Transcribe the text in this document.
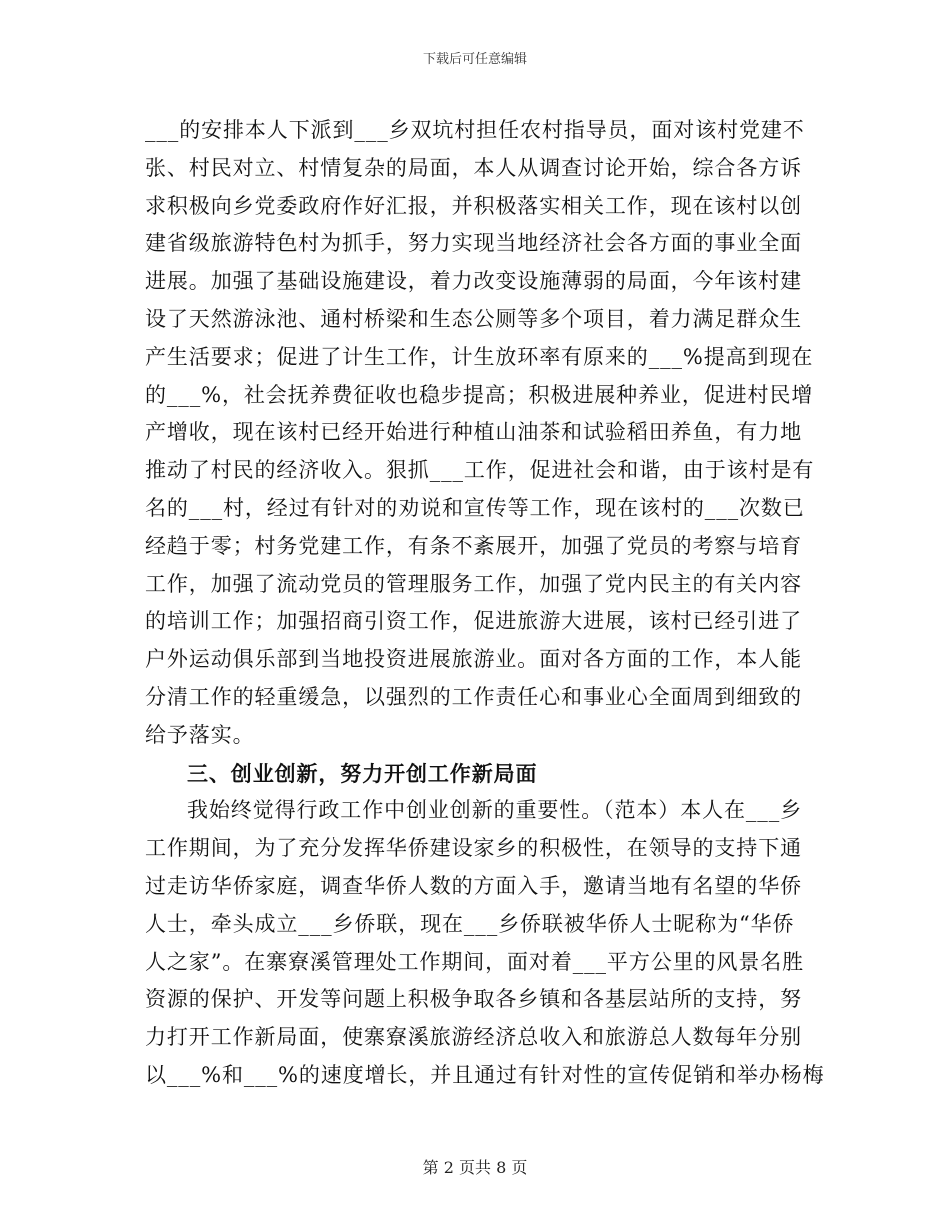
下载后可任意编辑
___的安排本人下派到___乡双坑村担任农村指导员，面对该村党建不
张、村民对立、村情复杂的局面，本人从调查讨论开始，综合各方诉
求积极向乡党委政府作好汇报，并积极落实相关工作，现在该村以创
建省级旅游特色村为抓手，努力实现当地经济社会各方面的事业全面
进展。加强了基础设施建设，着力改变设施薄弱的局面，今年该村建
设了天然游泳池、通村桥梁和生态公厕等多个项目，着力满足群众生
产生活要求；促进了计生工作，计生放环率有原来的___%提高到现在
的___%，社会抚养费征收也稳步提高；积极进展种养业，促进村民增
产增收，现在该村已经开始进行种植山油茶和试验稻田养鱼，有力地
推动了村民的经济收入。狠抓___工作，促进社会和谐，由于该村是有
名的___村，经过有针对的劝说和宣传等工作，现在该村的___次数已
经趋于零；村务党建工作，有条不紊展开，加强了党员的考察与培育
工作，加强了流动党员的管理服务工作，加强了党内民主的有关内容
的培训工作；加强招商引资工作，促进旅游大进展，该村已经引进了
户外运动俱乐部到当地投资进展旅游业。面对各方面的工作，本人能
分清工作的轻重缓急，以强烈的工作责任心和事业心全面周到细致的
给予落实。
三、创业创新，努力开创工作新局面
我始终觉得行政工作中创业创新的重要性。（范本）本人在___乡
工作期间，为了充分发挥华侨建设家乡的积极性，在领导的支持下通
过走访华侨家庭，调查华侨人数的方面入手，邀请当地有名望的华侨
人士，牵头成立___乡侨联，现在___乡侨联被华侨人士昵称为“华侨
人之家”。在寨寮溪管理处工作期间，面对着___平方公里的风景名胜
资源的保护、开发等问题上积极争取各乡镇和各基层站所的支持，努
力打开工作新局面，使寨寮溪旅游经济总收入和旅游总人数每年分别
以___%和___%的速度增长，并且通过有针对性的宣传促销和举办杨梅
第 2 页共 8 页
